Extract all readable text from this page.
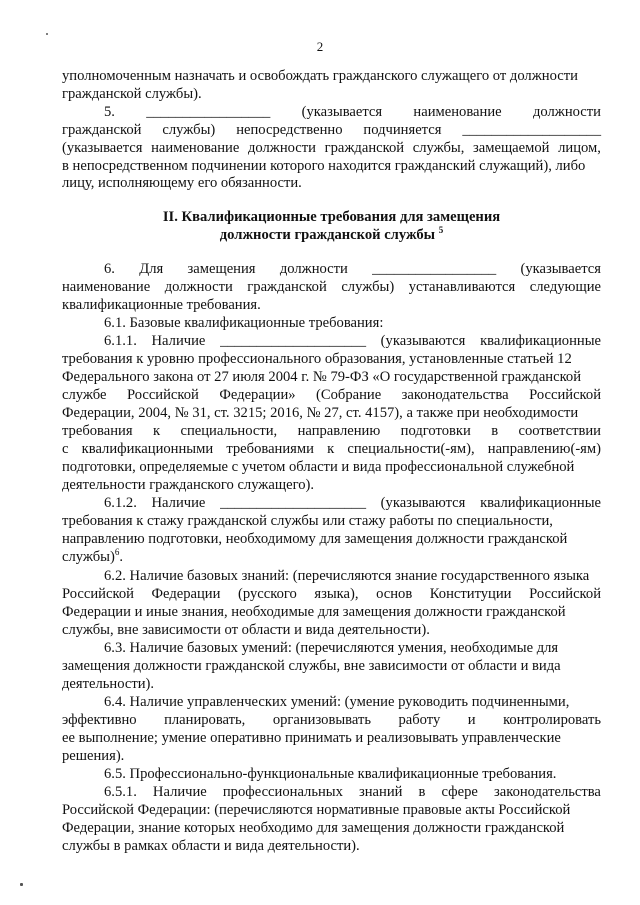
2
уполномоченным назначать и освобождать гражданского служащего от должности
гражданской службы).
5. _________________ (указывается наименование должности
гражданской службы) непосредственно подчиняется ___________________
(указывается наименование должности гражданской службы, замещаемой лицом,
в непосредственном подчинении которого находится гражданский служащий), либо
лицу, исполняющему его обязанности.
6. Для замещения должности _________________ (указывается
наименование должности гражданской службы) устанавливаются следующие
квалификационные требования.
6.1. Базовые квалификационные требования:
6.1.1. Наличие ____________________ (указываются квалификационные
требования к уровню профессионального образования, установленные статьей 12
Федерального закона от 27 июля 2004 г. № 79-ФЗ «О государственной гражданской
службе Российской Федерации» (Собрание законодательства Российской
Федерации, 2004, № 31, ст. 3215; 2016, № 27, ст. 4157), а также при необходимости
требования к специальности, направлению подготовки в соответствии
с квалификационными требованиями к специальности(-ям), направлению(-ям)
подготовки, определяемые с учетом области и вида профессиональной служебной
деятельности гражданского служащего).
6.1.2. Наличие ____________________ (указываются квалификационные
требования к стажу гражданской службы или стажу работы по специальности,
направлению подготовки, необходимому для замещения должности гражданской
службы)$^6$.
6.2. Наличие базовых знаний: (перечисляются знание государственного языка
Российской Федерации (русского языка), основ Конституции Российской
Федерации и иные знания, необходимые для замещения должности гражданской
службы, вне зависимости от области и вида деятельности).
6.3. Наличие базовых умений: (перечисляются умения, необходимые для
замещения должности гражданской службы, вне зависимости от области и вида
деятельности).
6.4. Наличие управленческих умений: (умение руководить подчиненными,
эффективно планировать, организовывать работу и контролировать
ее выполнение; умение оперативно принимать и реализовывать управленческие
решения).
6.5. Профессионально-функциональные квалификационные требования.
6.5.1. Наличие профессиональных знаний в сфере законодательства
Российской Федерации: (перечисляются нормативные правовые акты Российской
Федерации, знание которых необходимо для замещения должности гражданской
службы в рамках области и вида деятельности).
II. Квалификационные требования для замещения
должности гражданской службы $^5$
